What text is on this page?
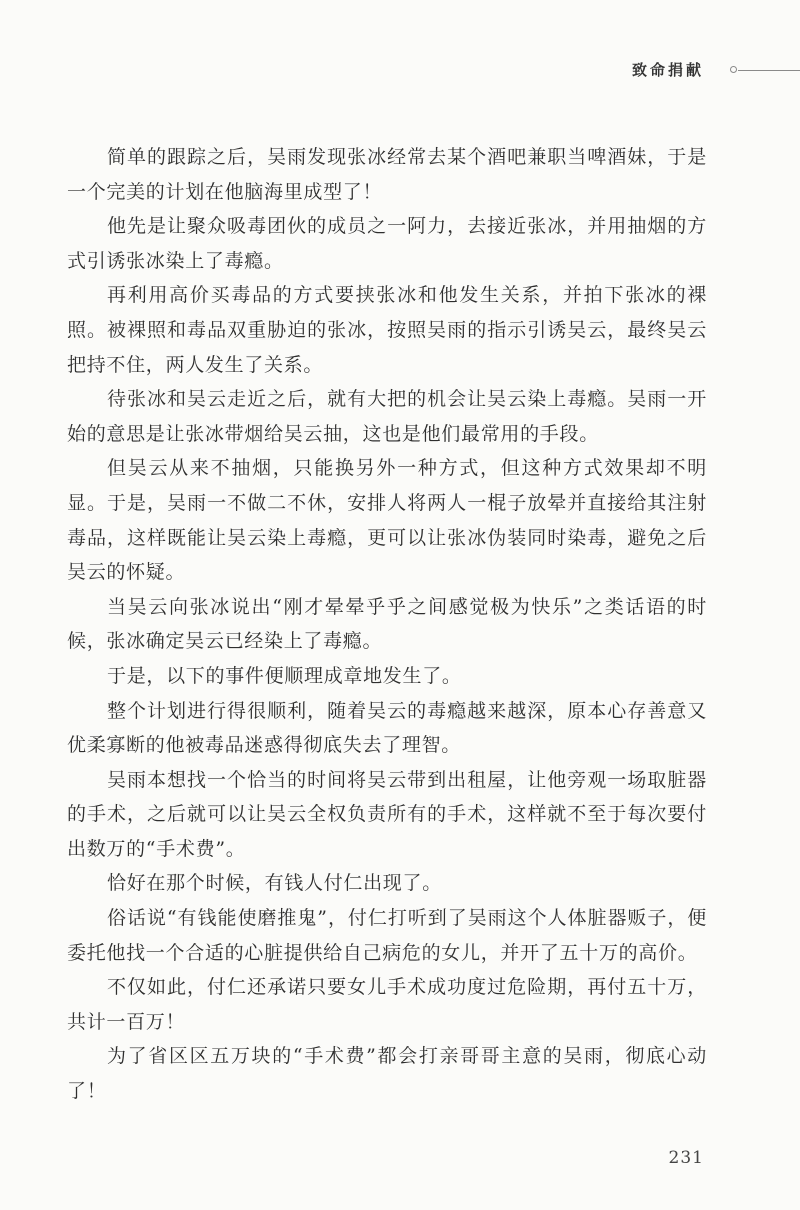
致命捐献

简单的跟踪之后，吴雨发现张冰经常去某个酒吧兼职当啤酒妹，于是一个完美的计划在他脑海里成型了！

他先是让聚众吸毒团伙的成员之一阿力，去接近张冰，并用抽烟的方式引诱张冰染上了毒瘾。

再利用高价买毒品的方式要挟张冰和他发生关系，并拍下张冰的裸照。被裸照和毒品双重胁迫的张冰，按照吴雨的指示引诱吴云，最终吴云把持不住，两人发生了关系。

待张冰和吴云走近之后，就有大把的机会让吴云染上毒瘾。吴雨一开始的意思是让张冰带烟给吴云抽，这也是他们最常用的手段。

但吴云从来不抽烟，只能换另外一种方式，但这种方式效果却不明显。于是，吴雨一不做二不休，安排人将两人一棍子放晕并直接给其注射毒品，这样既能让吴云染上毒瘾，更可以让张冰伪装同时染毒，避免之后吴云的怀疑。

当吴云向张冰说出“刚才晕晕乎乎之间感觉极为快乐”之类话语的时候，张冰确定吴云已经染上了毒瘾。

于是，以下的事件便顺理成章地发生了。

整个计划进行得很顺利，随着吴云的毒瘾越来越深，原本心存善意又优柔寡断的他被毒品迷惑得彻底失去了理智。

吴雨本想找一个恰当的时间将吴云带到出租屋，让他旁观一场取脏器的手术，之后就可以让吴云全权负责所有的手术，这样就不至于每次要付出数万的“手术费”。

恰好在那个时候，有钱人付仁出现了。

俗话说“有钱能使磨推鬼”，付仁打听到了吴雨这个人体脏器贩子，便委托他找一个合适的心脏提供给自己病危的女儿，并开了五十万的高价。

不仅如此，付仁还承诺只要女儿手术成功度过危险期，再付五十万，共计一百万！

为了省区区五万块的“手术费”都会打亲哥哥主意的吴雨，彻底心动了！

231
